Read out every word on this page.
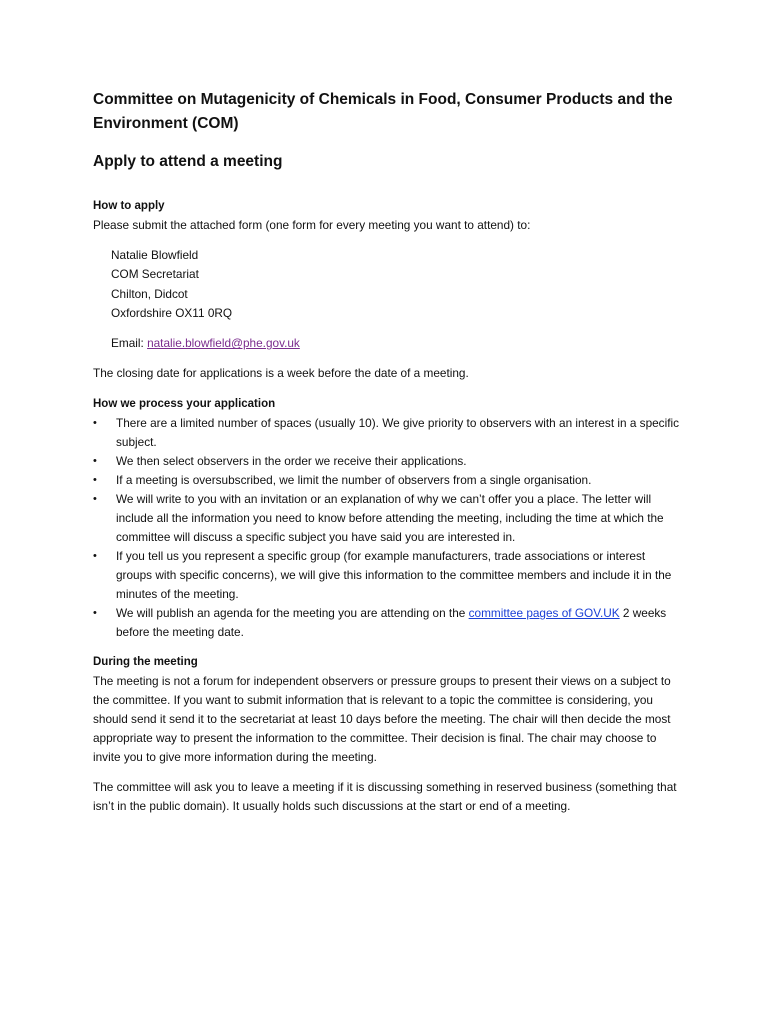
Committee on Mutagenicity of Chemicals in Food, Consumer Products and the Environment (COM)
Apply to attend a meeting

How to apply

Please submit the attached form (one form for every meeting you want to attend) to:

Natalie Blowfield

COM Secretariat

Chilton, Didcot

Oxfordshire OX11 0RQ

Email: natalie.blowfield@phe.gov.uk

The closing date for applications is a week before the date of a meeting.

How we process your application

•	There are a limited number of spaces (usually 10). We give priority to observers with an interest in a specific subject.
•	We then select observers in the order we receive their applications.
•	If a meeting is oversubscribed, we limit the number of observers from a single organisation.
•	We will write to you with an invitation or an explanation of why we can’t offer you a place. The letter will include all the information you need to know before attending the meeting, including the time at which the committee will discuss a specific subject you have said you are interested in.
•	If you tell us you represent a specific group (for example manufacturers, trade associations or interest groups with specific concerns), we will give this information to the committee members and include it in the minutes of the meeting.
•	We will publish an agenda for the meeting you are attending on the committee pages of GOV.UK 2 weeks before the meeting date.

During the meeting

The meeting is not a forum for independent observers or pressure groups to present their views on a subject to the committee. If you want to submit information that is relevant to a topic the committee is considering, you should send it send it to the secretariat at least 10 days before the meeting. The chair will then decide the most appropriate way to present the information to the committee. Their decision is final. The chair may choose to invite you to give more information during the meeting.

The committee will ask you to leave a meeting if it is discussing something in reserved business (something that isn’t in the public domain). It usually holds such discussions at the start or end of a meeting.
